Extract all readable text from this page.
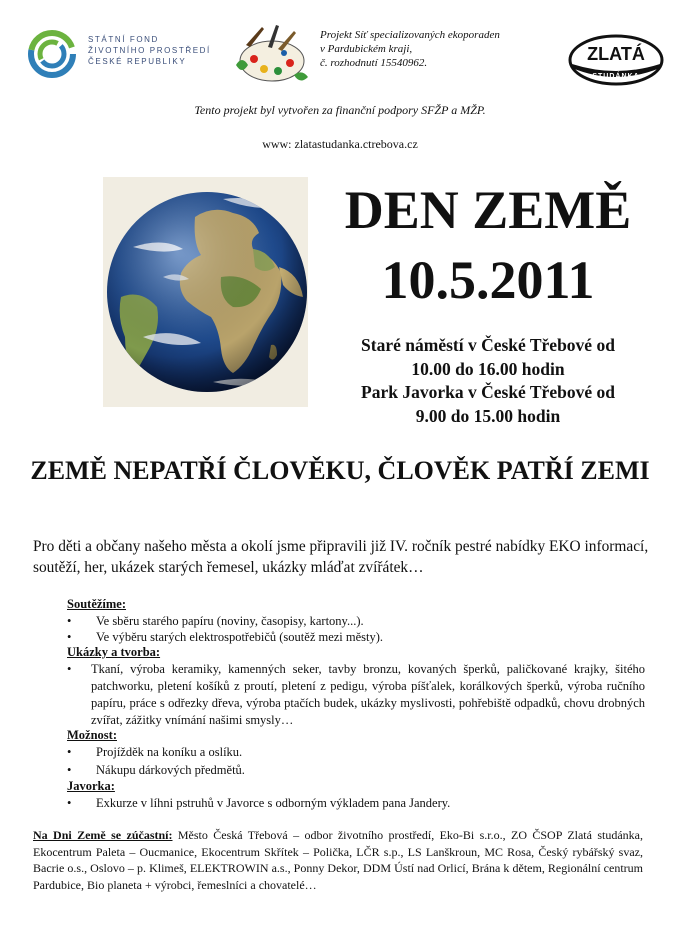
STÁTNÍ FOND
ŽIVOTNÍHO PROSTŘEDÍ
ČESKÉ REPUBLIKY
Projekt Síť specializovaných ekoporaden
v Pardubickém kraji,
č. rozhodnutí 15540962.	ZLATÁ
STUDÁNKA
Tento projekt byl vytvořen za finanční podpory SFŽP a MŽP.
www: zlatastudanka.ctrebova.cz
DEN ZEMĚ
10.5.2011
Staré náměstí v České Třebové od
10.00 do 16.00 hodin
Park Javorka v České Třebové od
9.00 do 15.00 hodin
ZEMĚ NEPATŘÍ ČLOVĚKU, ČLOVĚK PATŘÍ ZEMI
Pro děti a občany našeho města a okolí jsme připravili již IV. ročník pestré nabídky EKO informací, soutěží, her, ukázek starých řemesel, ukázky mláďat zvířátek…
Soutěžíme:
•	Ve sběru starého papíru (noviny, časopisy, kartony...).
•	Ve výběru starých elektrospotřebičů (soutěž mezi městy).
Ukázky a tvorba:
•	Tkaní, výroba keramiky, kamenných seker, tavby bronzu, kovaných šperků, paličkované krajky, šitého patchworku, pletení košíků z proutí, pletení z pedigu, výroba píšťalek, korálkových šperků, výroba ručního papíru, práce s odřezky dřeva, výroba ptačích budek, ukázky myslivosti, pohřebiště odpadků, chovu drobných zvířat, zážitky vnímání našimi smysly…
Možnost:
•	Projížděk na koníku a oslíku.
•	Nákupu dárkových předmětů.
Javorka:
•	Exkurze v líhni pstruhů v Javorce s odborným výkladem pana Jandery.
Na Dni Země se zúčastní: Město Česká Třebová – odbor životního prostředí, Eko-Bi s.r.o., ZO ČSOP Zlatá studánka, Ekocentrum Paleta – Oucmanice, Ekocentrum Skřítek – Polička, LČR s.p., LS Lanškroun, MC Rosa, Český rybářský svaz, Bacrie o.s., Oslovo – p. Klimeš, ELEKTROWIN a.s., Ponny Dekor, DDM Ústí nad Orlicí, Brána k dětem, Regionální centrum Pardubice, Bio planeta + výrobci, řemeslníci a chovatelé…
